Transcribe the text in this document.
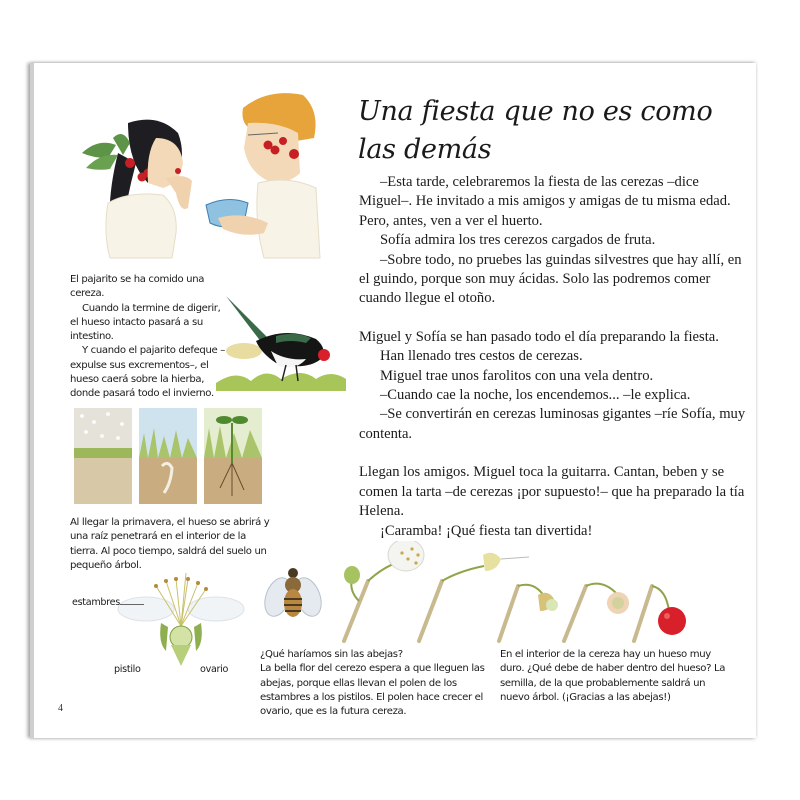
El pajarito se ha comido una cereza.

Cuando la termine de digerir, el hueso intacto pasará a su intestino.

Y cuando el pajarito defeque –expulse sus excrementos–, el hueso caerá sobre la hierba, donde pasará todo el invierno.

Al llegar la primavera, el hueso se abrirá y una raíz penetrará en el interior de la tierra. Al poco tiempo, saldrá del suelo un pequeño árbol.
estambres
pistilo	ovario
4
Una fiesta que no es como las demás

–Esta tarde, celebraremos la fiesta de las cerezas –dice Miguel–. He invitado a mis amigos y amigas de tu misma edad. Pero, antes, ven a ver el huerto.

Sofía admira los tres cerezos cargados de fruta.

–Sobre todo, no pruebes las guindas silvestres que hay allí, en el guindo, porque son muy ácidas. Solo las podremos comer cuando llegue el otoño.

Miguel y Sofía se han pasado todo el día preparando la fiesta.

Han llenado tres cestos de cerezas.

Miguel trae unos farolitos con una vela dentro.

–Cuando cae la noche, los encendemos... –le explica.

–Se convertirán en cerezas luminosas gigantes –ríe Sofía, muy contenta.

Llegan los amigos. Miguel toca la guitarra. Cantan, beben y se comen la tarta –de cerezas ¡por supuesto!– que ha preparado la tía Helena.

¡Caramba! ¡Qué fiesta tan divertida!

¿Qué haríamos sin las abejas?

La bella flor del cerezo espera a que lleguen las abejas, porque ellas llevan el polen de los estambres a los pistilos. El polen hace crecer el ovario, que es la futura cereza.

En el interior de la cereza hay un hueso muy duro. ¿Qué debe de haber dentro del hueso? La semilla, de la que probablemente saldrá un nuevo árbol. (¡Gracias a las abejas!)
